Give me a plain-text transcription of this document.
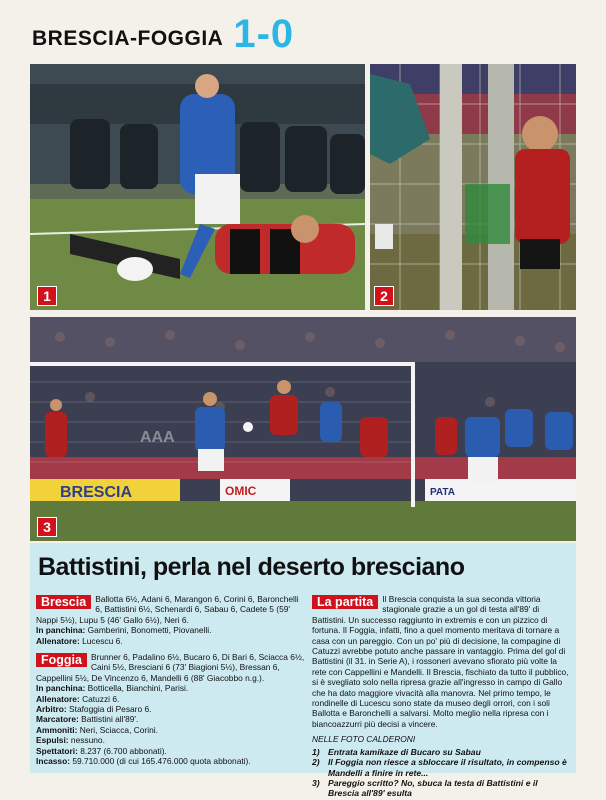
BRESCIA-FOGGIA 1-0
1	2
AAA
BRESCIA	OMIC	PATA
3
Battistini, perla nel deserto bresciano
Brescia	Ballotta 6½, Adani 6, Marangon 6, Corini 6, Baronchelli 6, Battistini 6½, Schenardi 6, Sabau 6, Cadete 5 (59' Nappi 5½), Lupu 5 (46' Gallo 6½), Neri 6.

In panchina: Gamberini, Bonometti, Piovanelli.

Allenatore: Lucescu 6.

Foggia	Brunner 6, Padalino 6½, Bucaro 6, Di Bari 6, Sciacca 6½, Caini 5½, Bresciani 6 (73' Biagioni 5½), Bressan 6, Cappellini 5½, De Vincenzo 6, Mandelli 6 (88' Giacobbo n.g.).

In panchina: Botticella, Bianchini, Parisi.

Allenatore: Catuzzi 6.

Arbitro: Stafoggia di Pesaro 6.

Marcatore: Battistini all'89'.

Ammoniti: Neri, Sciacca, Corini.

Espulsi: nessuno.

Spettatori: 8.237 (6.700 abbonati).

Incasso: 59.710.000 (di cui 165.476.000 quota abbonati).

La partita	Il Brescia conquista la sua seconda vittoria stagionale grazie a un gol di testa all'89' di Battistini. Un successo raggiunto in extremis e con un pizzico di fortuna. Il Foggia, infatti, fino a quel momento meritava di tornare a casa con un pareggio. Con un po' più di decisione, la compagine di Catuzzi avrebbe potuto anche passare in vantaggio. Prima del gol di Battistini (il 31. in Serie A), i rossoneri avevano sfiorato più volte la rete con Cappellini e Mandelli. Il Brescia, fischiato da tutto il pubblico, si è svegliato solo nella ripresa grazie all'ingresso in campo di Gallo che ha dato maggiore vivacità alla manovra. Nel primo tempo, le rondinelle di Lucescu sono state da museo degli orrori, con i soli Ballotta e Baronchelli a salvarsi. Molto meglio nella ripresa con i biancoazzurri più decisi a vincere.
NELLE FOTO CALDERONI
1) Entrata kamikaze di Bucaro su Sabau
2) Il Foggia non riesce a sbloccare il risultato, in compenso è Mandelli a finire in rete...
3) Pareggio scritto? No, sbuca la testa di Battistini e il Brescia all'89' esulta
